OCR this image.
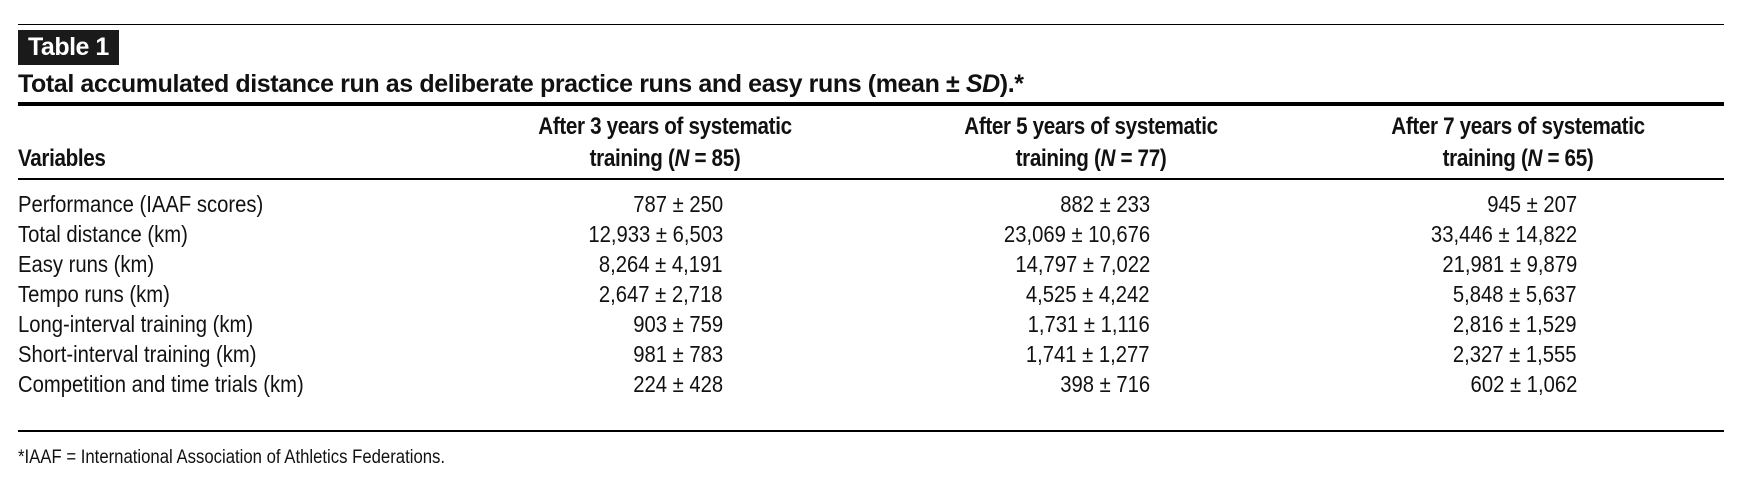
Table 1
Total accumulated distance run as deliberate practice runs and easy runs (mean ± SD).*
Variables
After 3 years of systematic
training (N = 85)
After 5 years of systematic
training (N = 77)
After 7 years of systematic
training (N = 65)
Performance (IAAF scores)	787 ± 250	882 ± 233	945 ± 207
Total distance (km)	12,933 ± 6,503	23,069 ± 10,676	33,446 ± 14,822
Easy runs (km)	8,264 ± 4,191	14,797 ± 7,022	21,981 ± 9,879
Tempo runs (km)	2,647 ± 2,718	4,525 ± 4,242	5,848 ± 5,637
Long-interval training (km)	903 ± 759	1,731 ± 1,116	2,816 ± 1,529
Short-interval training (km)	981 ± 783	1,741 ± 1,277	2,327 ± 1,555
Competition and time trials (km)	224 ± 428	398 ± 716	602 ± 1,062
*IAAF = International Association of Athletics Federations.
